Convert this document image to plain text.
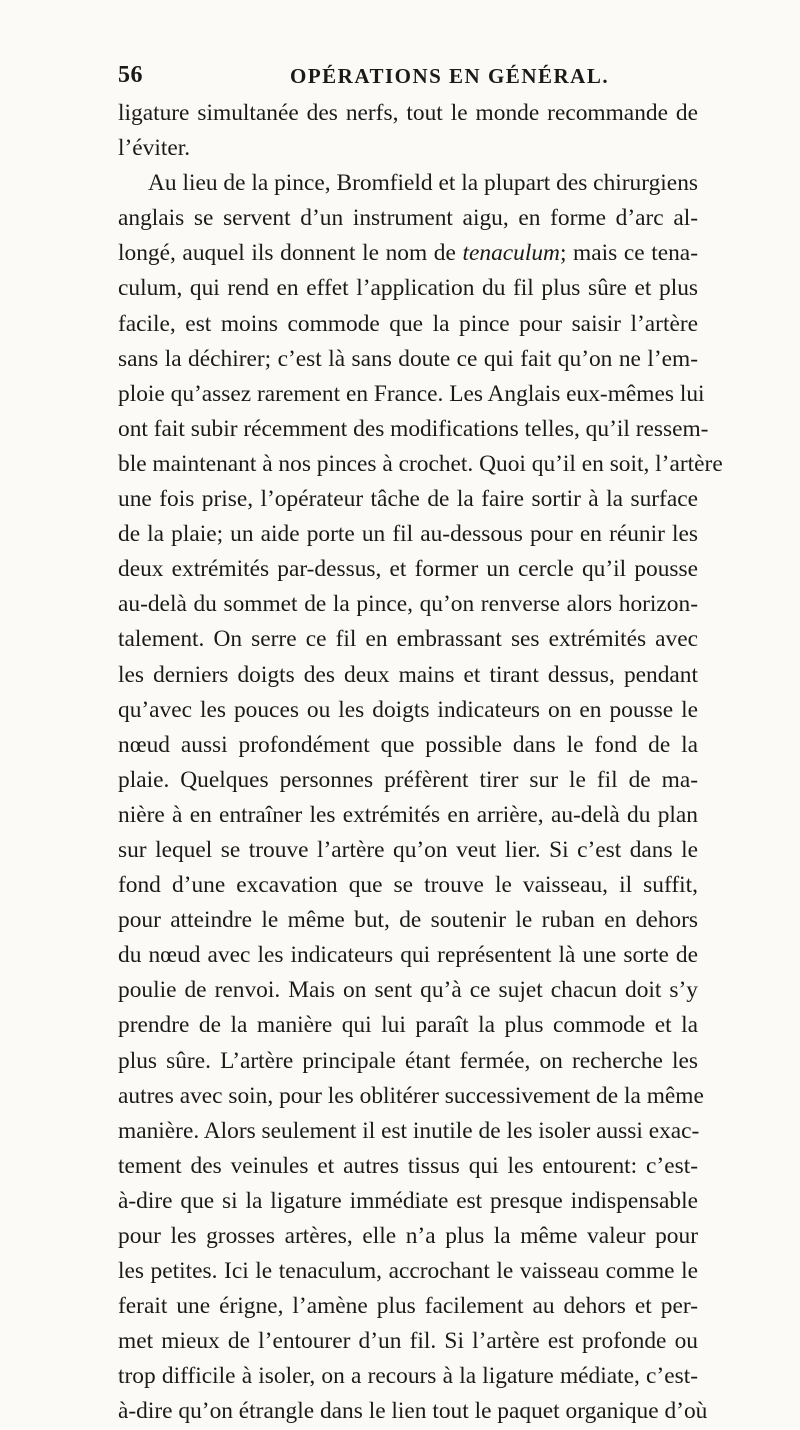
56	OPÉRATIONS EN GÉNÉRAL.
ligature simultanée des nerfs, tout le monde recommande de
l’éviter.
Au lieu de la pince, Bromfield et la plupart des chirurgiens
anglais se servent d’un instrument aigu, en forme d’arc al-
longé, auquel ils donnent le nom de tenaculum; mais ce tena-
culum, qui rend en effet l’application du fil plus sûre et plus
facile, est moins commode que la pince pour saisir l’artère
sans la déchirer; c’est là sans doute ce qui fait qu’on ne l’em-
ploie qu’assez rarement en France. Les Anglais eux-mêmes lui
ont fait subir récemment des modifications telles, qu’il ressem-
ble maintenant à nos pinces à crochet. Quoi qu’il en soit, l’artère
une fois prise, l’opérateur tâche de la faire sortir à la surface
de la plaie; un aide porte un fil au-dessous pour en réunir les
deux extrémités par-dessus, et former un cercle qu’il pousse
au-delà du sommet de la pince, qu’on renverse alors horizon-
talement. On serre ce fil en embrassant ses extrémités avec
les derniers doigts des deux mains et tirant dessus, pendant
qu’avec les pouces ou les doigts indicateurs on en pousse le
nœud aussi profondément que possible dans le fond de la
plaie. Quelques personnes préfèrent tirer sur le fil de ma-
nière à en entraîner les extrémités en arrière, au-delà du plan
sur lequel se trouve l’artère qu’on veut lier. Si c’est dans le
fond d’une excavation que se trouve le vaisseau, il suffit,
pour atteindre le même but, de soutenir le ruban en dehors
du nœud avec les indicateurs qui représentent là une sorte de
poulie de renvoi. Mais on sent qu’à ce sujet chacun doit s’y
prendre de la manière qui lui paraît la plus commode et la
plus sûre. L’artère principale étant fermée, on recherche les
autres avec soin, pour les oblitérer successivement de la même
manière. Alors seulement il est inutile de les isoler aussi exac-
tement des veinules et autres tissus qui les entourent: c’est-
à-dire que si la ligature immédiate est presque indispensable
pour les grosses artères, elle n’a plus la même valeur pour
les petites. Ici le tenaculum, accrochant le vaisseau comme le
ferait une érigne, l’amène plus facilement au dehors et per-
met mieux de l’entourer d’un fil. Si l’artère est profonde ou
trop difficile à isoler, on a recours à la ligature médiate, c’est-
à-dire qu’on étrangle dans le lien tout le paquet organique d’où
